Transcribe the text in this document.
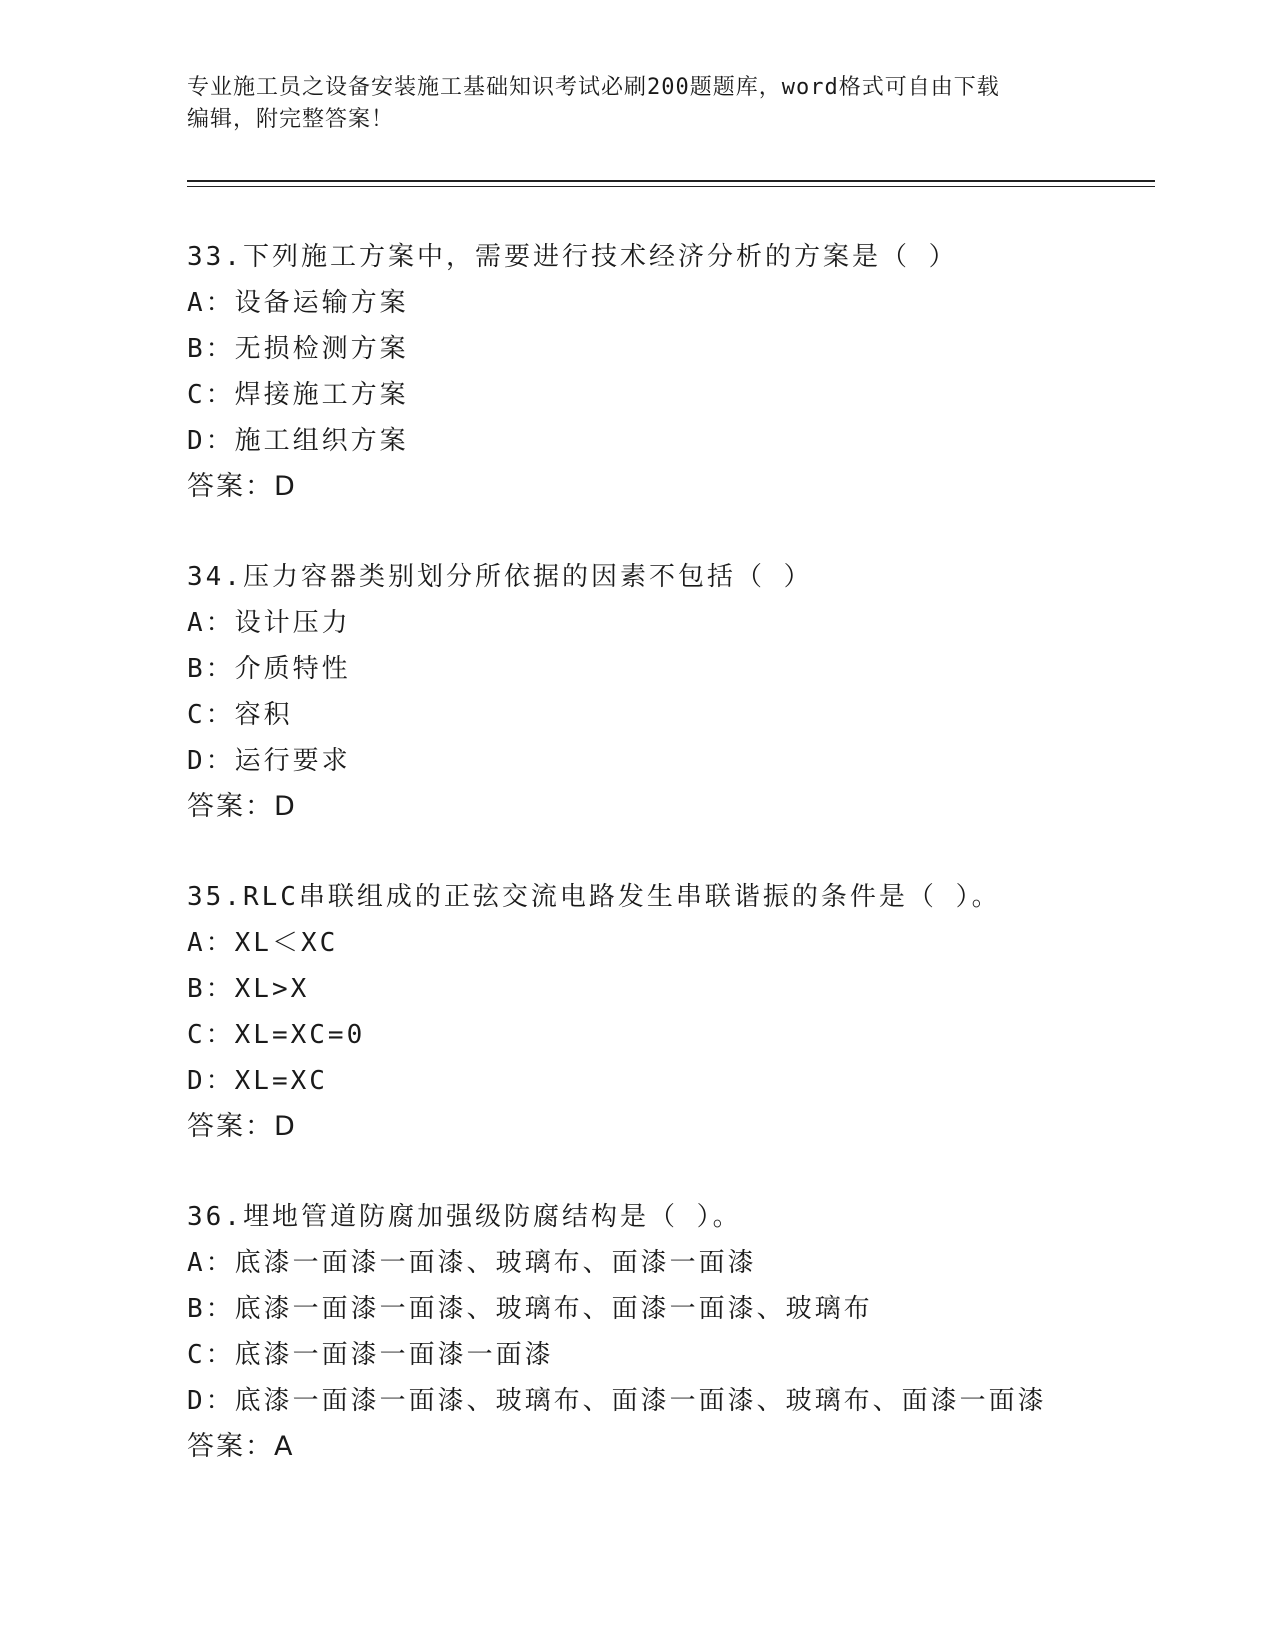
专业施工员之设备安装施工基础知识考试必刷200题题库，word格式可自由下载
编辑，附完整答案！
33.下列施工方案中，需要进行技术经济分析的方案是（ ）
A：设备运输方案
B：无损检测方案
C：焊接施工方案
D：施工组织方案
答案：D
34.压力容器类别划分所依据的因素不包括（ ）
A：设计压力
B：介质特性
C：容积
D：运行要求
答案：D
35.RLC串联组成的正弦交流电路发生串联谐振的条件是（ ）。
A：XL＜XC
B：XL>X
C：XL=XC=0
D：XL=XC
答案：D
36.埋地管道防腐加强级防腐结构是（ ）。
A：底漆一面漆一面漆、玻璃布、面漆一面漆
B：底漆一面漆一面漆、玻璃布、面漆一面漆、玻璃布
C：底漆一面漆一面漆一面漆
D：底漆一面漆一面漆、玻璃布、面漆一面漆、玻璃布、面漆一面漆
答案：A
